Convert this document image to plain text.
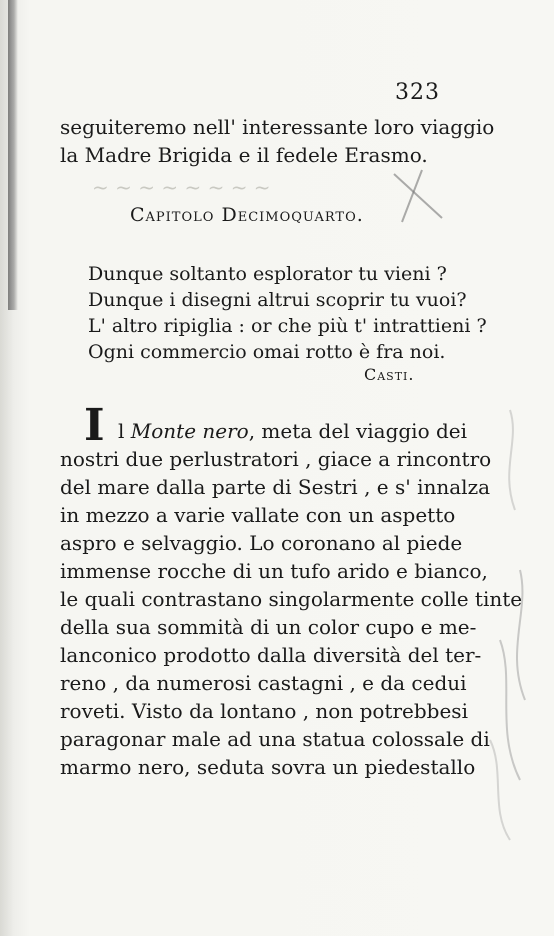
~ ~ ~ ~ ~ ~ ~ ~
323
seguiteremo nell' interessante loro viaggio
la Madre Brigida e il fedele Erasmo.
Capitolo Decimoquarto.
Dunque soltanto esplorator tu vieni ?
Dunque i disegni altrui scoprir tu vuoi?
L' altro ripiglia : or che più t' intrattieni ?
Ogni commercio omai rotto è fra noi.
Casti.
I l Monte nero, meta del viaggio dei
nostri due perlustratori , giace a rincontro
del mare dalla parte di Sestri , e s' innalza
in mezzo a varie vallate con un aspetto
aspro e selvaggio. Lo coronano al piede
immense rocche di un tufo arido e bianco,
le quali contrastano singolarmente colle tinte
della sua sommità di un color cupo e me-
lanconico prodotto dalla diversità del ter-
reno , da numerosi castagni , e da cedui
roveti. Visto da lontano , non potrebbesi
paragonar male ad una statua colossale di
marmo nero, seduta sovra un piedestallo
